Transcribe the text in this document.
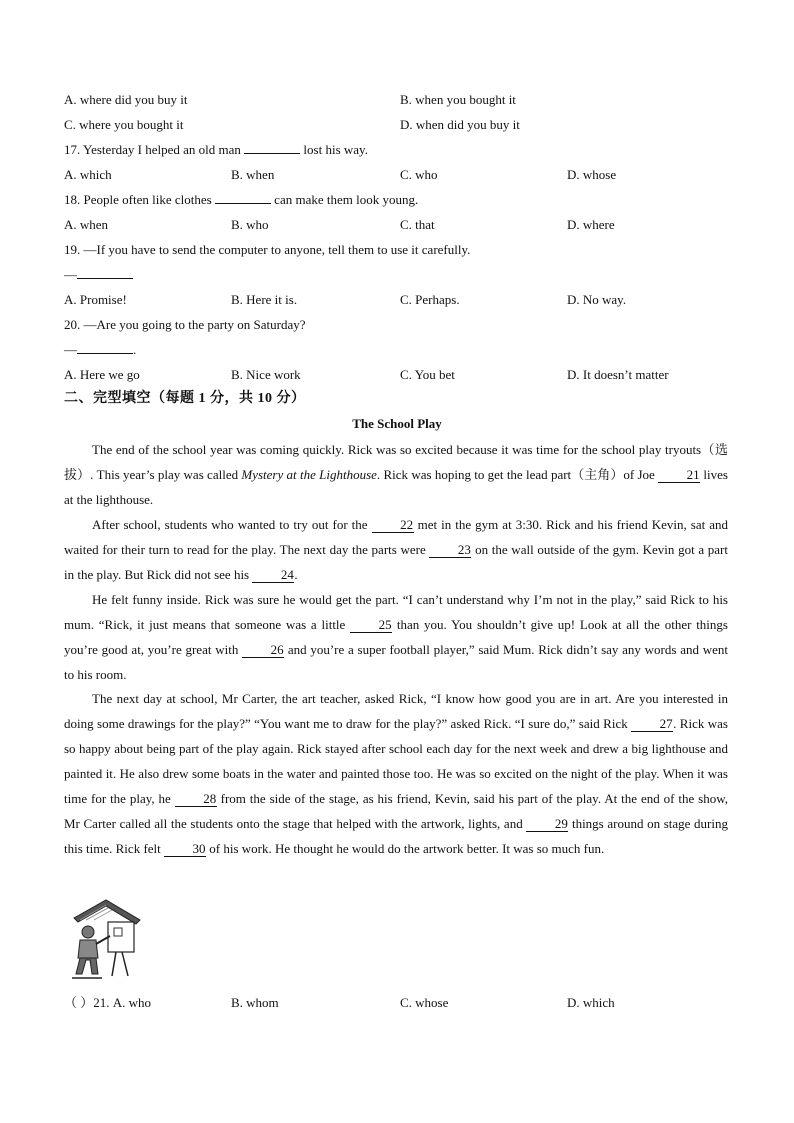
A. where did you buy it	B. when you bought it
C. where you bought it	D. when did you buy it
17. Yesterday I helped an old man	lost his way.
A. which	B. when	C. who	D. whose
18. People often like clothes	can make them look young.
A. when	B. who	C. that	D. where
19. —If you have to send the computer to anyone, tell them to use it carefully.
—
A. Promise!	B. Here it is.	C. Perhaps.	D. No way.
20. —Are you going to the party on Saturday?
—	.
A. Here we go	B. Nice work	C. You bet	D. It doesn’t matter
二、完型填空（每题 1 分，共 10 分）
The School Play
The end of the school year was coming quickly. Rick was so excited because it was time for the school play tryouts（选拔）. This year’s play was called Mystery at the Lighthouse. Rick was hoping to get the lead part（主角）of Joe 21 lives at the lighthouse.
After school, students who wanted to try out for the 22 met in the gym at 3:30. Rick and his friend Kevin, sat and waited for their turn to read for the play. The next day the parts were 23 on the wall outside of the gym. Kevin got a part in the play. But Rick did not see his 24.
He felt funny inside. Rick was sure he would get the part. “I can’t understand why I’m not in the play,” said Rick to his mum. “Rick, it just means that someone was a little 25 than you. You shouldn’t give up! Look at all the other things you’re good at, you’re great with 26 and you’re a super football player,” said Mum. Rick didn’t say any words and went to his room.
The next day at school, Mr Carter, the art teacher, asked Rick, “I know how good you are in art. Are you interested in doing some drawings for the play?” “You want me to draw for the play?” asked Rick. “I sure do,” said Rick 27. Rick was so happy about being part of the play again. Rick stayed after school each day for the next week and drew a big lighthouse and painted it. He also drew some boats in the water and painted those too. He was so excited on the night of the play. When it was time for the play, he 28 from the side of the stage, as his friend, Kevin, said his part of the play. At the end of the show, Mr Carter called all the students onto the stage that helped with the artwork, lights, and 29 things around on stage during this time. Rick felt 30 of his work. He thought he would do the artwork better. It was so much fun.
（ ）21. A. who	B. whom	C. whose	D. which
